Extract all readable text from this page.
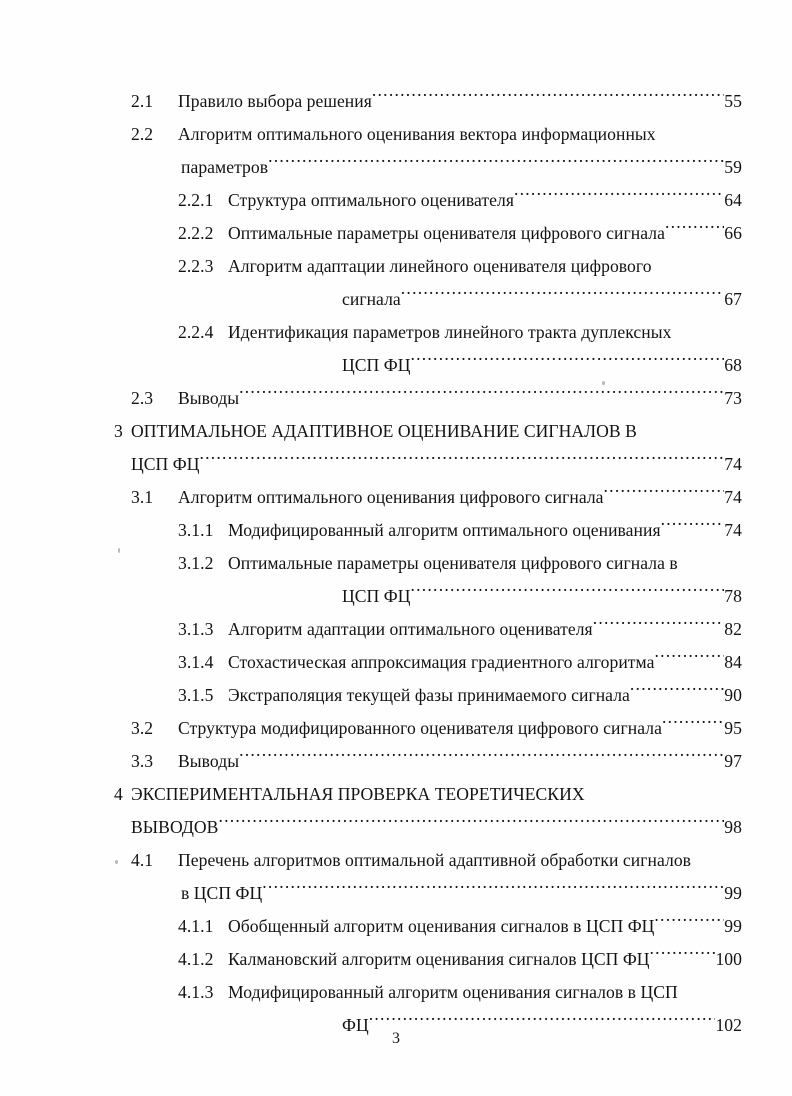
2.1	Правило выбора решения .....	55
2.2	Алгоритм оптимального оценивания вектора информационных
параметров .....	59
2.2.1 Структура оптимального оценивателя .....	64
2.2.2 Оптимальные параметры оценивателя цифрового сигнала .....	66
2.2.3 Алгоритм адаптации линейного оценивателя цифрового
сигнала .....	67
2.2.4 Идентификация параметров линейного тракта дуплексных
ЦСП ФЦ .....	68
2.3	Выводы .....	73
3 ОПТИМАЛЬНОЕ АДАПТИВНОЕ ОЦЕНИВАНИЕ СИГНАЛОВ В
ЦСП ФЦ .....	74
3.1	Алгоритм оптимального оценивания цифрового сигнала .....	74
3.1.1 Модифицированный алгоритм оптимального оценивания .....	74
3.1.2 Оптимальные параметры оценивателя цифрового сигнала в
ЦСП ФЦ .....	78
3.1.3 Алгоритм адаптации оптимального оценивателя .....	82
3.1.4 Стохастическая аппроксимация градиентного алгоритма .....	84
3.1.5 Экстраполяция текущей фазы принимаемого сигнала .....	90
3.2	Структура модифицированного оценивателя цифрового сигнала .....	95
3.3	Выводы .....	97
4 ЭКСПЕРИМЕНТАЛЬНАЯ ПРОВЕРКА ТЕОРЕТИЧЕСКИХ
ВЫВОДОВ .....	98
4.1	Перечень алгоритмов оптимальной адаптивной обработки сигналов
в ЦСП ФЦ .....	99
4.1.1 Обобщенный алгоритм оценивания сигналов в ЦСП ФЦ .....	99
4.1.2 Калмановский алгоритм оценивания сигналов ЦСП ФЦ .....	100
4.1.3 Модифицированный алгоритм оценивания сигналов в ЦСП
ФЦ .....	102
3
